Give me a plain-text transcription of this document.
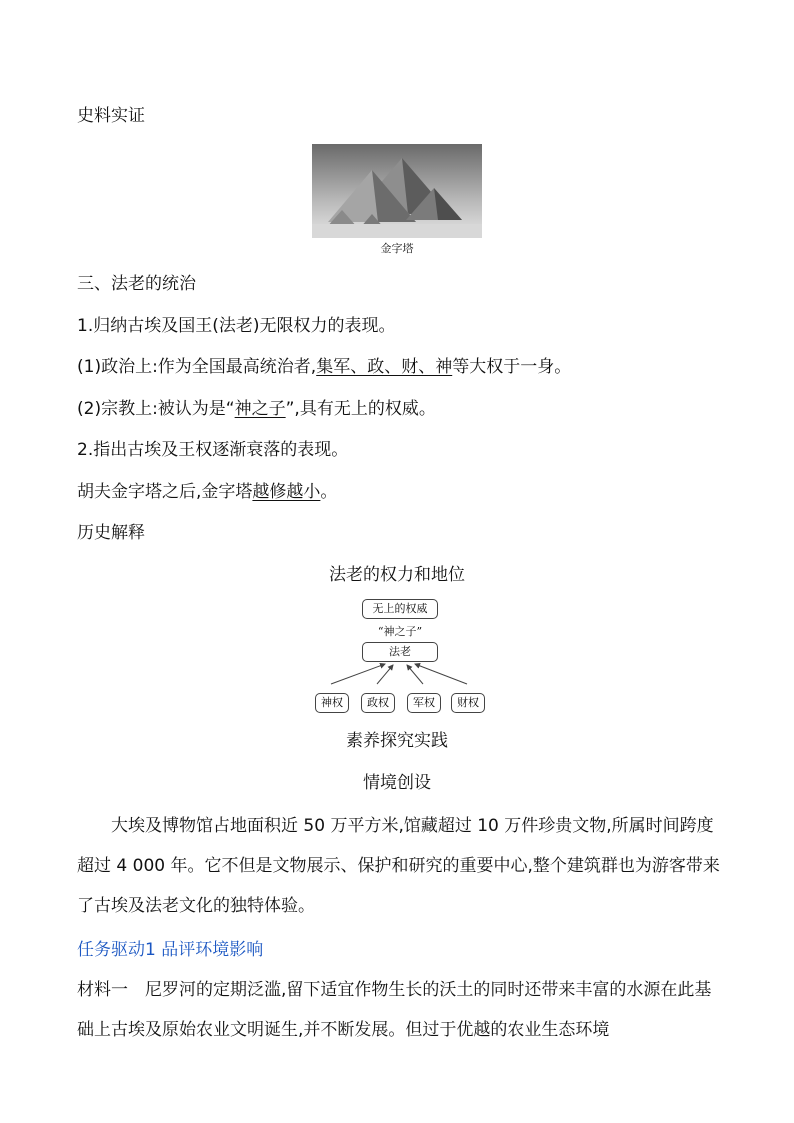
史料实证
金字塔
三、法老的统治
1.归纳古埃及国王(法老)无限权力的表现。
(1)政治上:作为全国最高统治者,集军、政、财、神等大权于一身。
(2)宗教上:被认为是“神之子”,具有无上的权威。
2.指出古埃及王权逐渐衰落的表现。
胡夫金字塔之后,金字塔越修越小。
历史解释
法老的权力和地位
无上的权威
“神之子”
法老
神权	政权	军权	财权
素养探究实践
情境创设
大埃及博物馆占地面积近 50 万平方米,馆藏超过 10 万件珍贵文物,所属时间跨度超过 4 000 年。它不但是文物展示、保护和研究的重要中心,整个建筑群也为游客带来了古埃及法老文化的独特体验。
任务驱动1 品评环境影响
材料一　尼罗河的定期泛滥,留下适宜作物生长的沃土的同时还带来丰富的水源在此基础上古埃及原始农业文明诞生,并不断发展。但过于优越的农业生态环境
